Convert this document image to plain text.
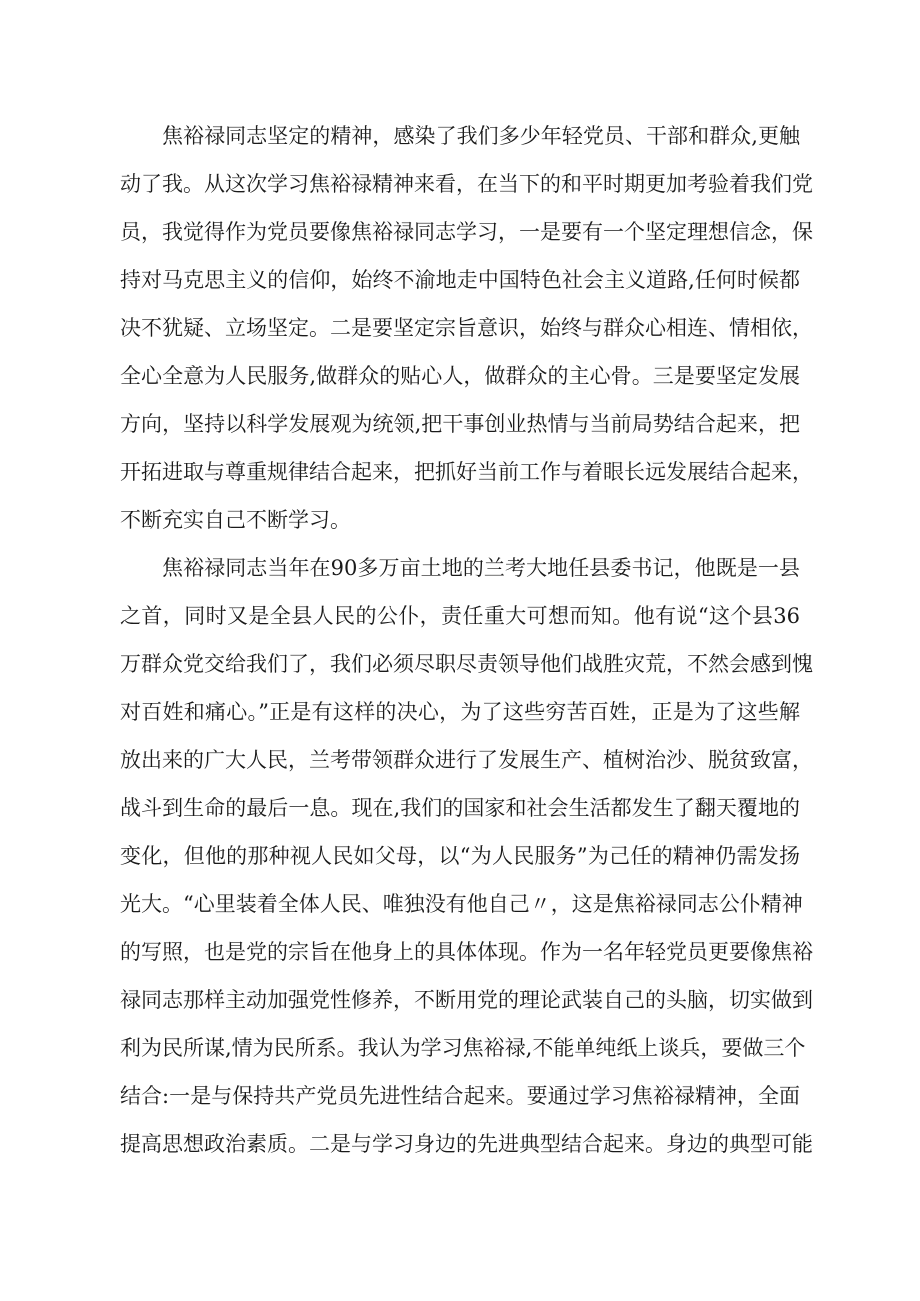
焦裕禄同志坚定的精神，感染了我们多少年轻党员、干部和群众,更触
动了我。从这次学习焦裕禄精神来看，在当下的和平时期更加考验着我们党
员，我觉得作为党员要像焦裕禄同志学习，一是要有一个坚定理想信念，保
持对马克思主义的信仰，始终不渝地走中国特色社会主义道路,任何时候都
决不犹疑、立场坚定。二是要坚定宗旨意识，始终与群众心相连、情相依，
全心全意为人民服务,做群众的贴心人，做群众的主心骨。三是要坚定发展
方向，坚持以科学发展观为统领,把干事创业热情与当前局势结合起来，把
开拓进取与尊重规律结合起来，把抓好当前工作与着眼长远发展结合起来，
不断充实自己不断学习。

焦裕禄同志当年在90多万亩土地的兰考大地任县委书记，他既是一县
之首，同时又是全县人民的公仆，责任重大可想而知。他有说“这个县36
万群众党交给我们了，我们必须尽职尽责领导他们战胜灾荒，不然会感到愧
对百姓和痛心。”正是有这样的决心，为了这些穷苦百姓，正是为了这些解
放出来的广大人民，兰考带领群众进行了发展生产、植树治沙、脱贫致富，
战斗到生命的最后一息。现在,我们的国家和社会生活都发生了翻天覆地的
变化，但他的那种视人民如父母，以“为人民服务”为己任的精神仍需发扬
光大。“心里装着全体人民、唯独没有他自己〃，这是焦裕禄同志公仆精神
的写照，也是党的宗旨在他身上的具体体现。作为一名年轻党员更要像焦裕
禄同志那样主动加强党性修养，不断用党的理论武装自己的头脑，切实做到
利为民所谋,情为民所系。我认为学习焦裕禄,不能单纯纸上谈兵，要做三个
结合:一是与保持共产党员先进性结合起来。要通过学习焦裕禄精神，全面
提高思想政治素质。二是与学习身边的先进典型结合起来。身边的典型可能
